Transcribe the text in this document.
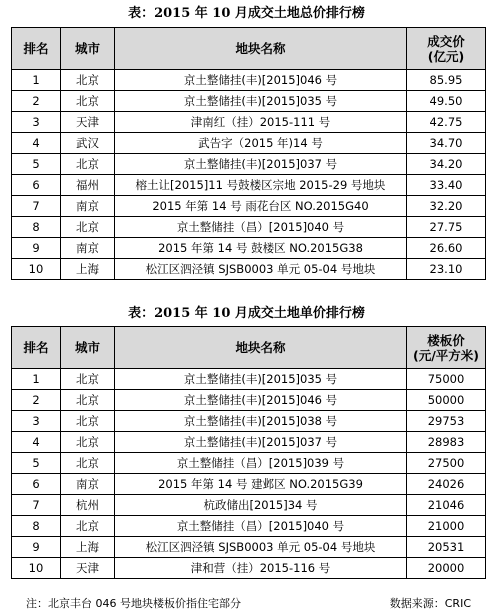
表：2015 年 10 月成交土地总价排行榜
排名	城市	地块名称	成交价
(亿元)
1	北京	京土整储挂(丰)[2015]046 号	85.95
2	北京	京土整储挂(丰)[2015]035 号	49.50
3	天津	津南红（挂）2015-111 号	42.75
4	武汉	武告字（2015 年)14 号	34.70
5	北京	京土整储挂(丰)[2015]037 号	34.20
6	福州	榕土让[2015]11 号鼓楼区宗地 2015-29 号地块	33.40
7	南京	2015 年第 14 号 雨花台区 NO.2015G40	32.20
8	北京	京土整储挂（昌）[2015]040 号	27.75
9	南京	2015 年第 14 号 鼓楼区 NO.2015G38	26.60
10	上海	松江区泗泾镇 SJSB0003 单元 05-04 号地块	23.10
表：2015 年 10 月成交土地单价排行榜
排名	城市	地块名称	楼板价
(元/平方米)
1	北京	京土整储挂(丰)[2015]035 号	75000
2	北京	京土整储挂(丰)[2015]046 号	50000
3	北京	京土整储挂(丰)[2015]038 号	29753
4	北京	京土整储挂(丰)[2015]037 号	28983
5	北京	京土整储挂（昌）[2015]039 号	27500
6	南京	2015 年第 14 号 建邺区 NO.2015G39	24026
7	杭州	杭政储出[2015]34 号	21046
8	北京	京土整储挂（昌）[2015]040 号	21000
9	上海	松江区泗泾镇 SJSB0003 单元 05-04 号地块	20531
10	天津	津和营（挂）2015-116 号	20000
注：北京丰台 046 号地块楼板价指住宅部分	数据来源：CRIC
